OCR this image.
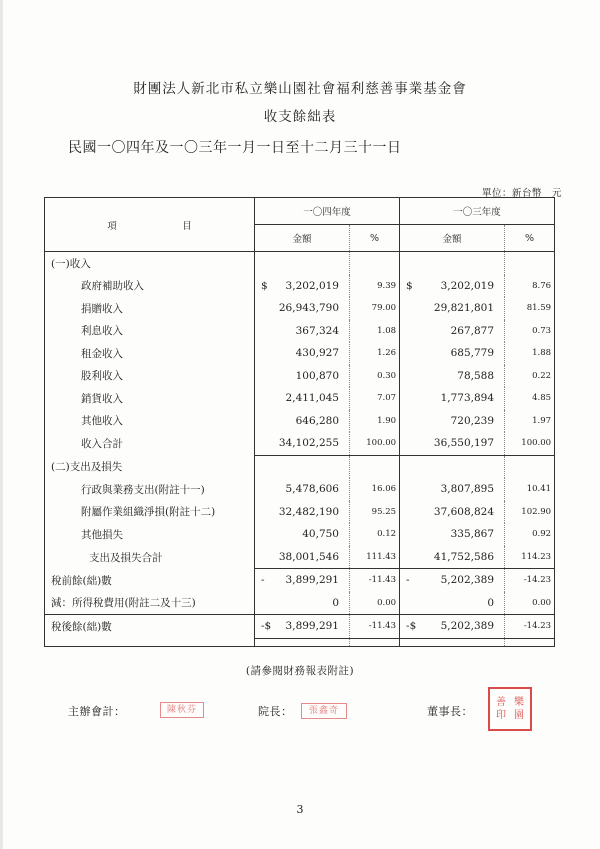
財團法人新北市私立樂山園社會福利慈善事業基金會
收支餘絀表
民國一〇四年及一〇三年一月一日至十二月三十一日
單位：新台幣　元
項　目	一〇四年度		一〇三年度	
	金額	%	金額	%
(一)收入				
政府補助收入	$ 3,202,019	9.39	$ 3,202,019	8.76
捐贈收入	26,943,790	79.00	29,821,801	81.59
利息收入	367,324	1.08	267,877	0.73
租金收入	430,927	1.26	685,779	1.88
股利收入	100,870	0.30	78,588	0.22
銷貨收入	2,411,045	7.07	1,773,894	4.85
其他收入	646,280	1.90	720,239	1.97
收入合計	34,102,255	100.00	36,550,197	100.00
(二)支出及損失				
行政與業務支出(附註十一)	5,478,606	16.06	3,807,895	10.41
附屬作業組織淨損(附註十二)	32,482,190	95.25	37,608,824	102.90
其他損失	40,750	0.12	335,867	0.92
支出及損失合計	38,001,546	111.43	41,752,586	114.23
稅前餘(絀)數	- 3,899,291	-11.43	- 5,202,389	-14.23
減：所得稅費用(附註二及十三)	0	0.00	0	0.00
稅後餘(絀)數	-$ 3,899,291	-11.43	-$ 5,202,389	-14.23

(請參閱財務報表附註)
主辦會計：	陳秋芬	院長：	張鑫奇	董事長：
善 樂
印 園
3
